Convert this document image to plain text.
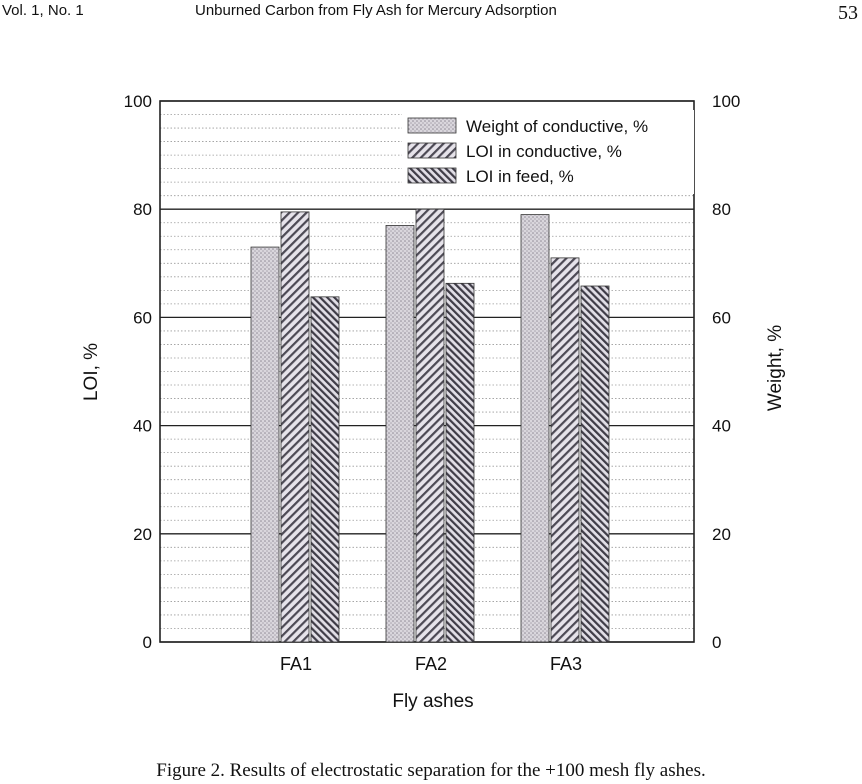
Vol. 1, No. 1	Unburned Carbon from Fly Ash for Mercury Adsorption	53
0
20
40
60
80
100
0
20
40
60
80
100
FA1	FA2	FA3
LOI, %	Weight, %
Fly ashes
Weight of conductive, %
LOI in conductive, %
LOI in feed, %
Figure 2. Results of electrostatic separation for the +100 mesh fly ashes.
